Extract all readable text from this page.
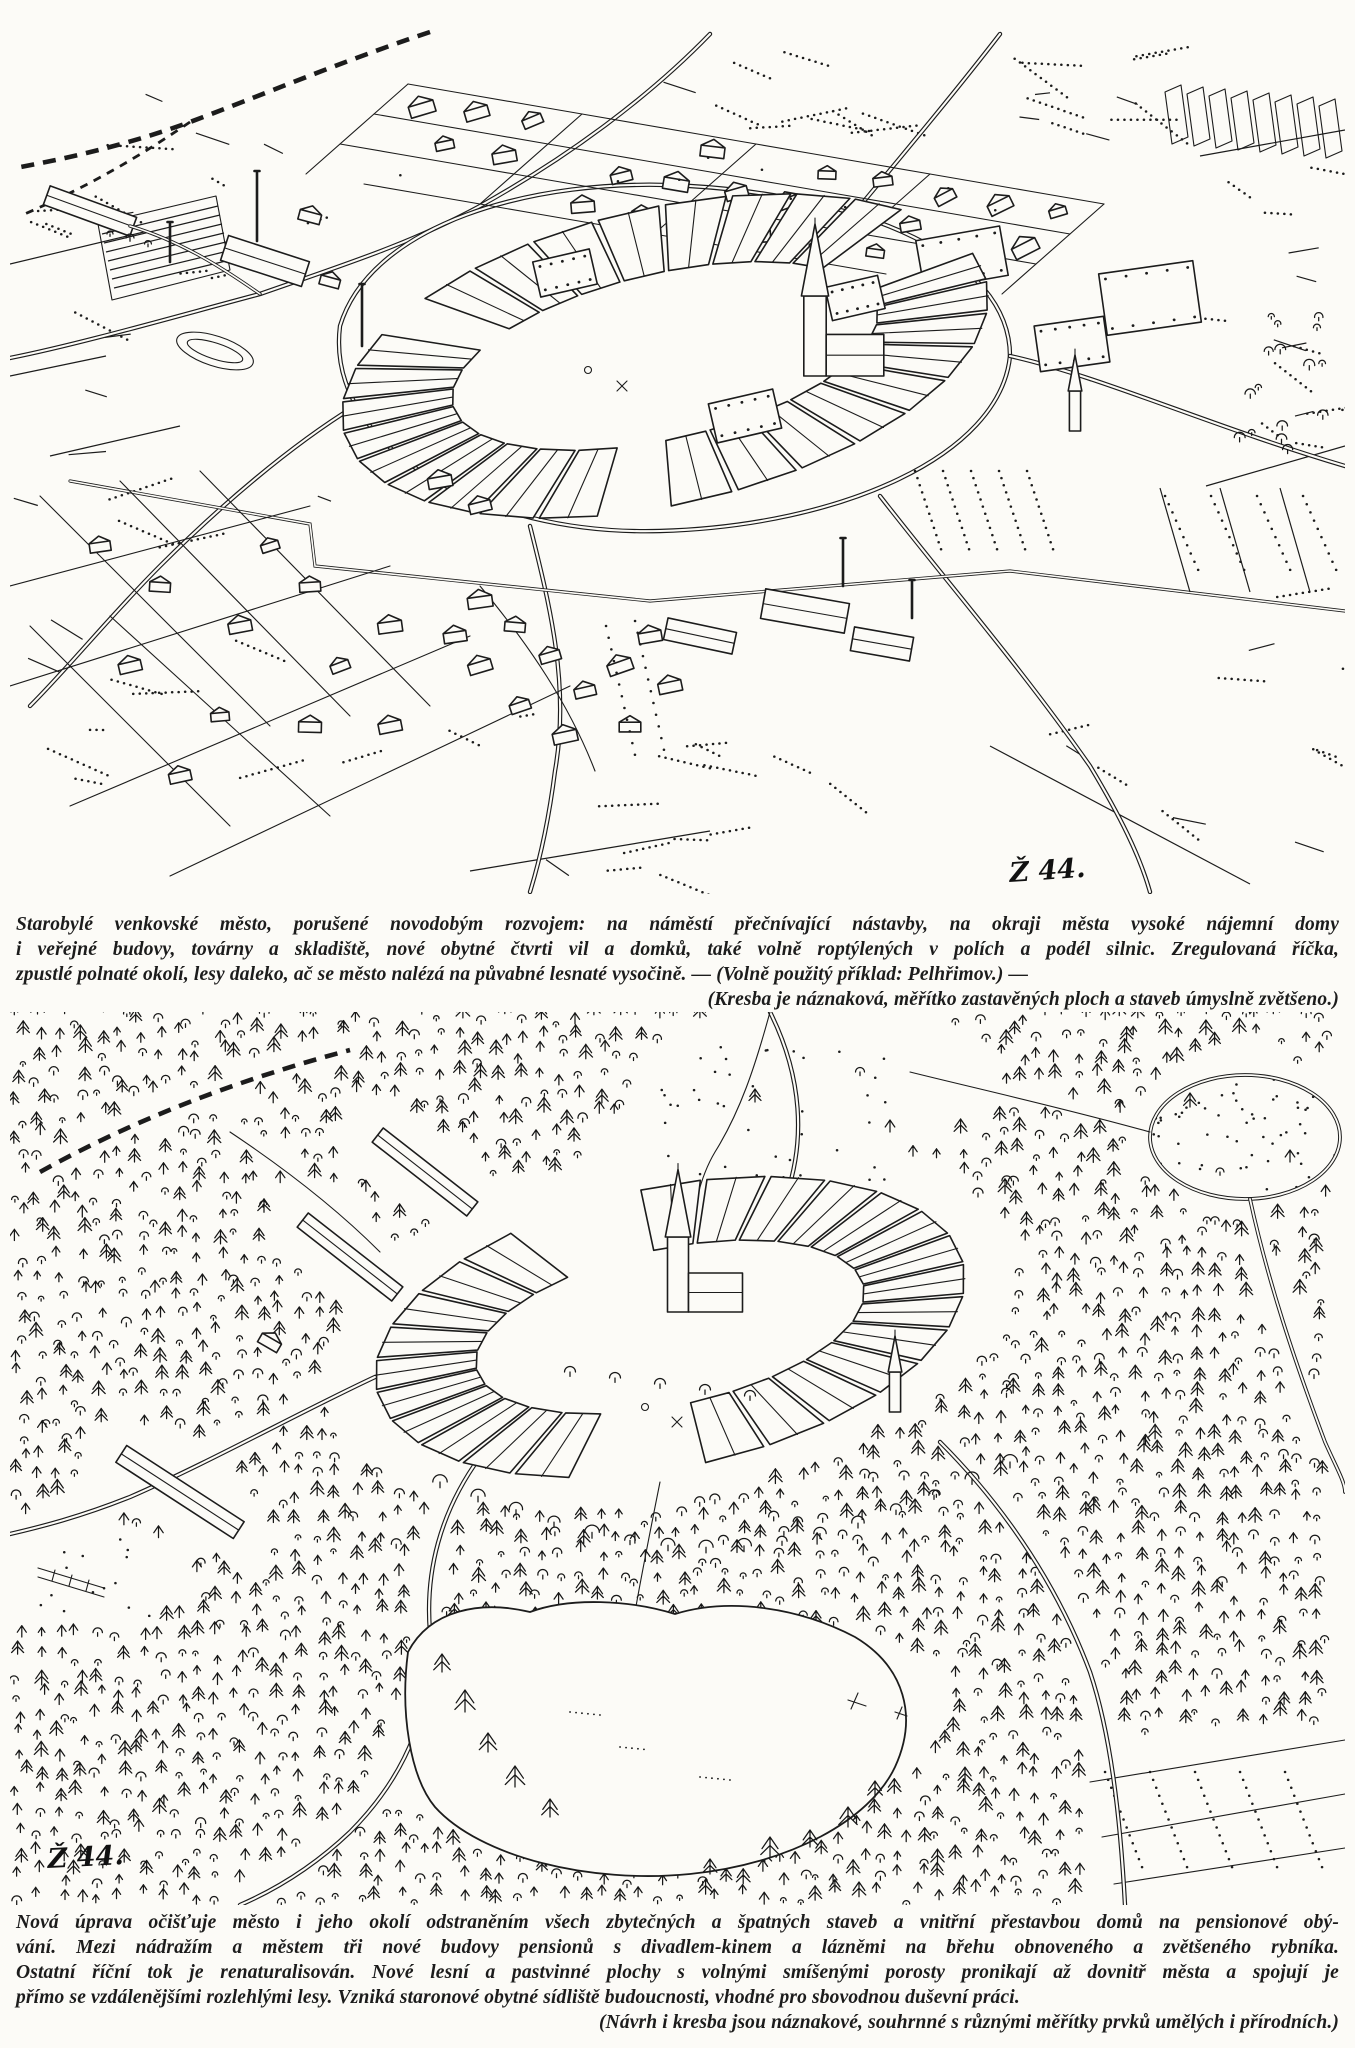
Ž 44.
Starobylé venkovské město, porušené novodobým rozvojem: na náměstí přečnívající nástavby, na okraji města vysoké nájemní domy
i veřejné budovy, továrny a skladiště, nové obytné čtvrti vil a domků, také volně roptýlených v polích a podél silnic. Zregulovaná říčka,
zpustlé polnaté okolí, lesy daleko, ač se město nalézá na půvabné lesnaté vysočině. — (Volně použitý příklad: Pelhřimov.) —
(Kresba je náznaková, měřítko zastavěných ploch a staveb úmyslně zvětšeno.)
Ž 44.
Nová úprava očišťuje město i jeho okolí odstraněním všech zbytečných a špatných staveb a vnitřní přestavbou domů na pensionové obý-
vání. Mezi nádražím a městem tři nové budovy pensionů s divadlem-kinem a lázněmi na břehu obnoveného a zvětšeného rybníka.
Ostatní říční tok je renaturalisován. Nové lesní a pastvinné plochy s volnými smíšenými porosty pronikají až dovnitř města a spojují je
přímo se vzdálenějšími rozlehlými lesy. Vzniká staronové obytné sídliště budoucnosti, vhodné pro sbovodnou duševní práci.
(Návrh i kresba jsou náznakové, souhrnné s různými měřítky prvků umělých i přírodních.)
